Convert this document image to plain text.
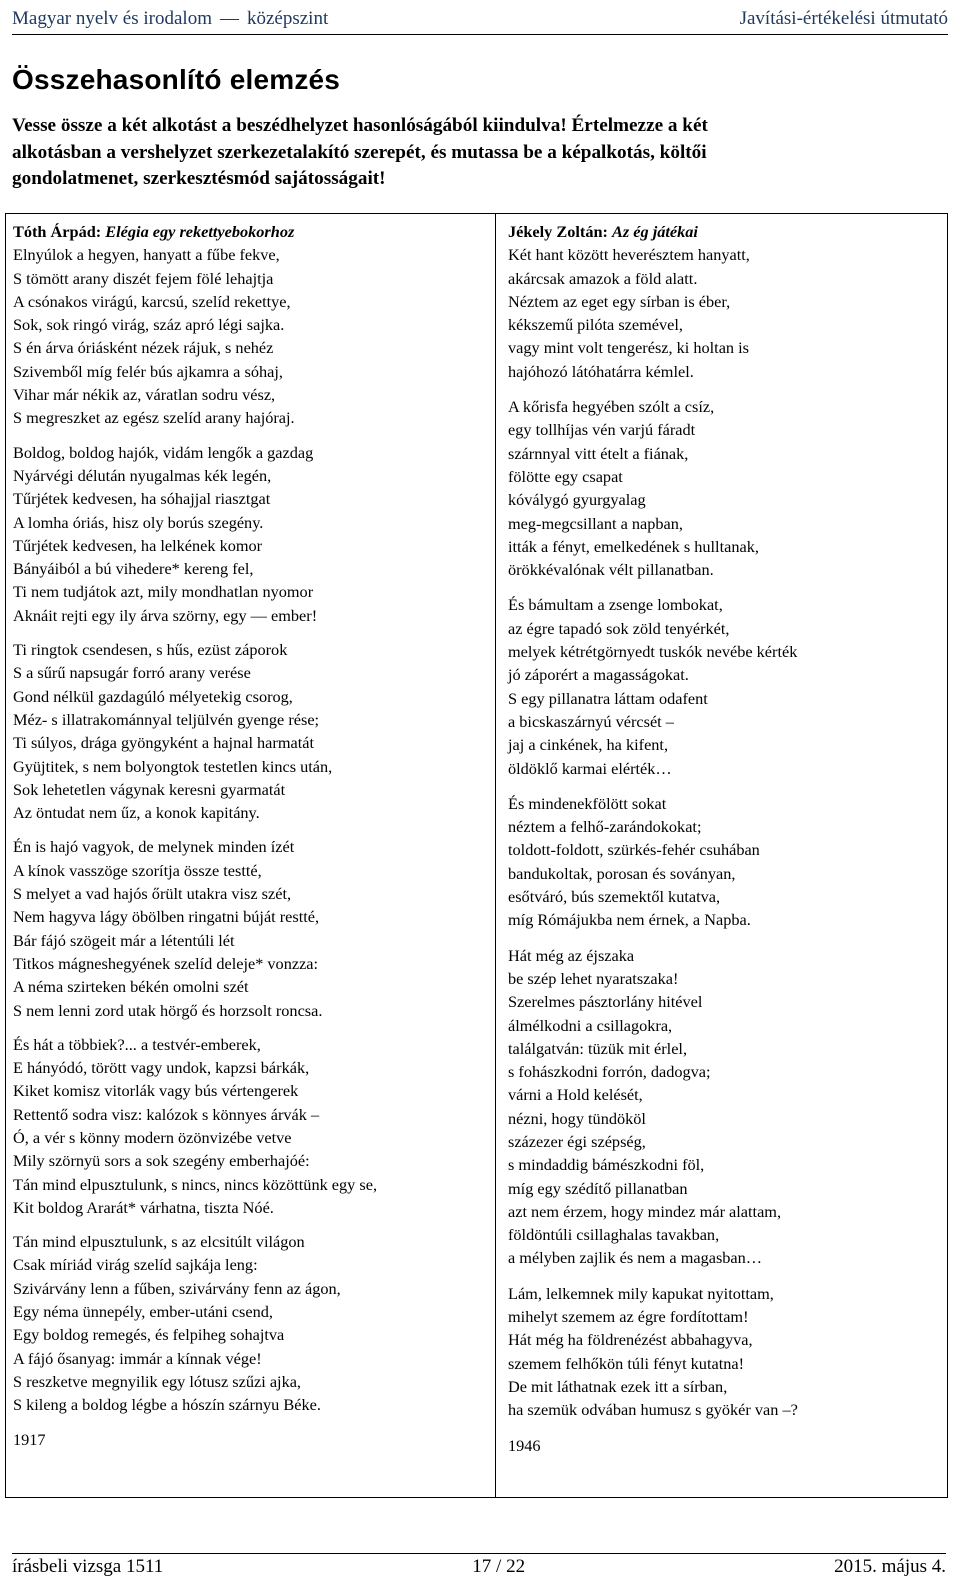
Magyar nyelv és irodalom — középszint	Javítási-értékelési útmutató
Összehasonlító elemzés
Vesse össze a két alkotást a beszédhelyzet hasonlóságából kiindulva! Értelmezze a két
alkotásban a vershelyzet szerkezetalakító szerepét, és mutassa be a képalkotás, költői
gondolatmenet, szerkesztésmód sajátosságait!
Tóth Árpád: Elégia egy rekettyebokorhoz
Elnyúlok a hegyen, hanyatt a fűbe fekve,
S tömött arany diszét fejem fölé lehajtja
A csónakos virágú, karcsú, szelíd rekettye,
Sok, sok ringó virág, száz apró légi sajka.
S én árva óriásként nézek rájuk, s nehéz
Szivemből míg felér bús ajkamra a sóhaj,
Vihar már nékik az, váratlan sodru vész,
S megreszket az egész szelíd arany hajóraj.
Boldog, boldog hajók, vidám lengők a gazdag
Nyárvégi délután nyugalmas kék legén,
Tűrjétek kedvesen, ha sóhajjal riasztgat
A lomha óriás, hisz oly borús szegény.
Tűrjétek kedvesen, ha lelkének komor
Bányáiból a bú vihedere* kereng fel,
Ti nem tudjátok azt, mily mondhatlan nyomor
Aknáit rejti egy ily árva szörny, egy — ember!
Ti ringtok csendesen, s hűs, ezüst záporok
S a sűrű napsugár forró arany verése
Gond nélkül gazdagúló mélyetekig csorog,
Méz- s illatrakománnyal teljülvén gyenge rése;
Ti súlyos, drága gyöngyként a hajnal harmatát
Gyüjtitek, s nem bolyongtok testetlen kincs után,
Sok lehetetlen vágynak keresni gyarmatát
Az öntudat nem űz, a konok kapitány.
Én is hajó vagyok, de melynek minden ízét
A kínok vasszöge szorítja össze testté,
S melyet a vad hajós őrült utakra visz szét,
Nem hagyva lágy öbölben ringatni búját restté,
Bár fájó szögeit már a létentúli lét
Titkos mágneshegyének szelíd deleje* vonzza:
A néma szirteken békén omolni szét
S nem lenni zord utak hörgő és horzsolt roncsa.
És hát a többiek?... a testvér-emberek,
E hányódó, törött vagy undok, kapzsi bárkák,
Kiket komisz vitorlák vagy bús vértengerek
Rettentő sodra visz: kalózok s könnyes árvák –
Ó, a vér s könny modern özönvizébe vetve
Mily szörnyü sors a sok szegény emberhajóé:
Tán mind elpusztulunk, s nincs, nincs közöttünk egy se,
Kit boldog Ararát* várhatna, tiszta Nóé.
Tán mind elpusztulunk, s az elcsitúlt világon
Csak míriád virág szelíd sajkája leng:
Szivárvány lenn a fűben, szivárvány fenn az ágon,
Egy néma ünnepély, ember-utáni csend,
Egy boldog remegés, és felpiheg sohajtva
A fájó ősanyag: immár a kínnak vége!
S reszketve megnyilik egy lótusz szűzi ajka,
S kileng a boldog légbe a hószín szárnyu Béke.
1917
Jékely Zoltán: Az ég játékai
Két hant között heverésztem hanyatt,
akárcsak amazok a föld alatt.
Néztem az eget egy sírban is éber,
kékszemű pilóta szemével,
vagy mint volt tengerész, ki holtan is
hajóhozó látóhatárra kémlel.
A kőrisfa hegyében szólt a csíz,
egy tollhíjas vén varjú fáradt
szárnnyal vitt ételt a fiának,
fölötte egy csapat
kóválygó gyurgyalag
meg-megcsillant a napban,
itták a fényt, emelkedének s hulltanak,
örökkévalónak vélt pillanatban.
És bámultam a zsenge lombokat,
az égre tapadó sok zöld tenyérkét,
melyek kétrétgörnyedt tuskók nevébe kérték
jó záporért a magasságokat.
S egy pillanatra láttam odafent
a bicskaszárnyú vércsét –
jaj a cinkének, ha kifent,
öldöklő karmai elérték…
És mindenekfölött sokat
néztem a felhő-zarándokokat;
toldott-foldott, szürkés-fehér csuhában
bandukoltak, porosan és soványan,
esőtváró, bús szemektől kutatva,
míg Rómájukba nem érnek, a Napba.
Hát még az éjszaka
be szép lehet nyaratszaka!
Szerelmes pásztorlány hitével
álmélkodni a csillagokra,
találgatván: tüzük mit érlel,
s fohászkodni forrón, dadogva;
várni a Hold kelését,
nézni, hogy tündököl
százezer égi szépség,
s mindaddig bámészkodni föl,
míg egy szédítő pillanatban
azt nem érzem, hogy mindez már alattam,
földöntúli csillaghalas tavakban,
a mélyben zajlik és nem a magasban…
Lám, lelkemnek mily kapukat nyitottam,
mihelyt szemem az égre fordítottam!
Hát még ha földrenézést abbahagyva,
szemem felhőkön túli fényt kutatna!
De mit láthatnak ezek itt a sírban,
ha szemük odvában humusz s gyökér van –?
1946
írásbeli vizsga 1511	17 / 22	2015. május 4.
